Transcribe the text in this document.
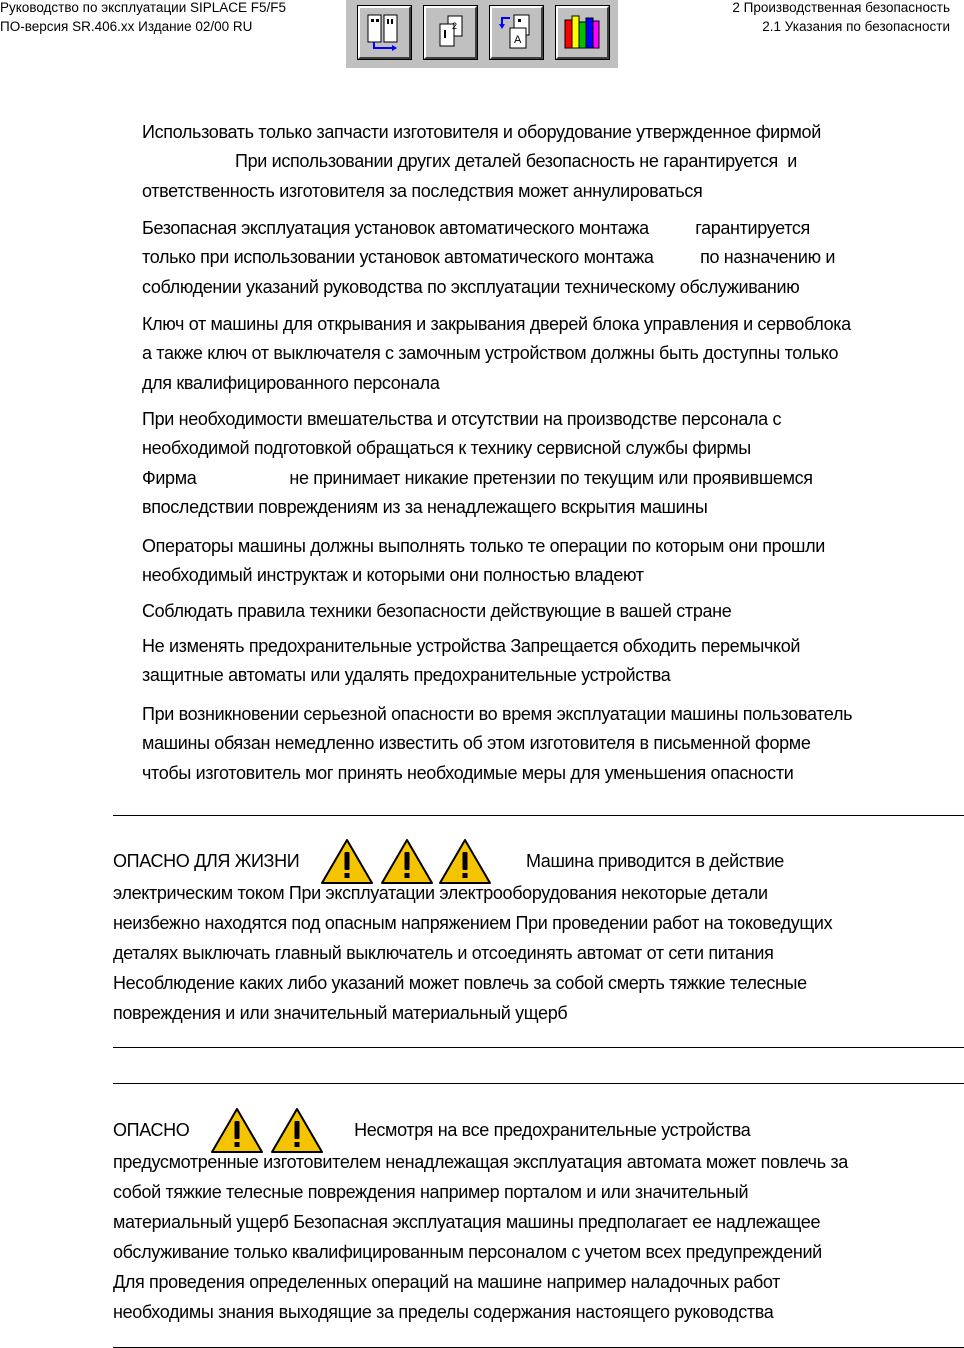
Руководство по эксплуатации SIPLACE F5/F5
ПО-версия SR.406.xx Издание 02/00 RU
2 Производственная безопасность
2.1 Указания по безопасности
2
A
Использовать только запчасти изготовителя и оборудование утвержденное фирмой
При использовании других деталей безопасность не гарантируется  и
ответственность изготовителя за последствия может аннулироваться
Безопасная эксплуатация установок автоматического монтажа          гарантируется
только при использовании установок автоматического монтажа          по назначению и
соблюдении указаний руководства по эксплуатации техническому обслуживанию
Ключ от машины для открывания и закрывания дверей блока управления и сервоблока
а также ключ от выключателя с замочным устройством должны быть доступны только
для квалифицированного персонала
При необходимости вмешательства и отсутствии на производстве персонала с
необходимой подготовкой обращаться к технику сервисной службы фирмы
Фирма                    не принимает никакие претензии по текущим или проявившемся
впоследствии повреждениям из за ненадлежащего вскрытия машины
Операторы машины должны выполнять только те операции по которым они прошли
необходимый инструктаж и которыми они полностью владеют
Соблюдать правила техники безопасности действующие в вашей стране
Не изменять предохранительные устройства Запрещается обходить перемычкой
защитные автоматы или удалять предохранительные устройства
При возникновении серьезной опасности во время эксплуатации машины пользователь
машины обязан немедленно известить об этом изготовителя в письменной форме
чтобы изготовитель мог принять необходимые меры для уменьшения опасности
ОПАСНО ДЛЯ ЖИЗНИ	Машина приводится в действие
электрическим током При эксплуатации электрооборудования некоторые детали
неизбежно находятся под опасным напряжением При проведении работ на токоведущих
деталях выключать главный выключатель и отсоединять автомат от сети питания
Несоблюдение каких либо указаний может повлечь за собой смерть тяжкие телесные
повреждения и или значительный материальный ущерб
ОПАСНО	Несмотря на все предохранительные устройства
предусмотренные изготовителем ненадлежащая эксплуатация автомата может повлечь за
собой тяжкие телесные повреждения например порталом и или значительный
материальный ущерб Безопасная эксплуатация машины предполагает ее надлежащее
обслуживание только квалифицированным персоналом с учетом всех предупреждений
Для проведения определенных операций на машине например наладочных работ
необходимы знания выходящие за пределы содержания настоящего руководства
